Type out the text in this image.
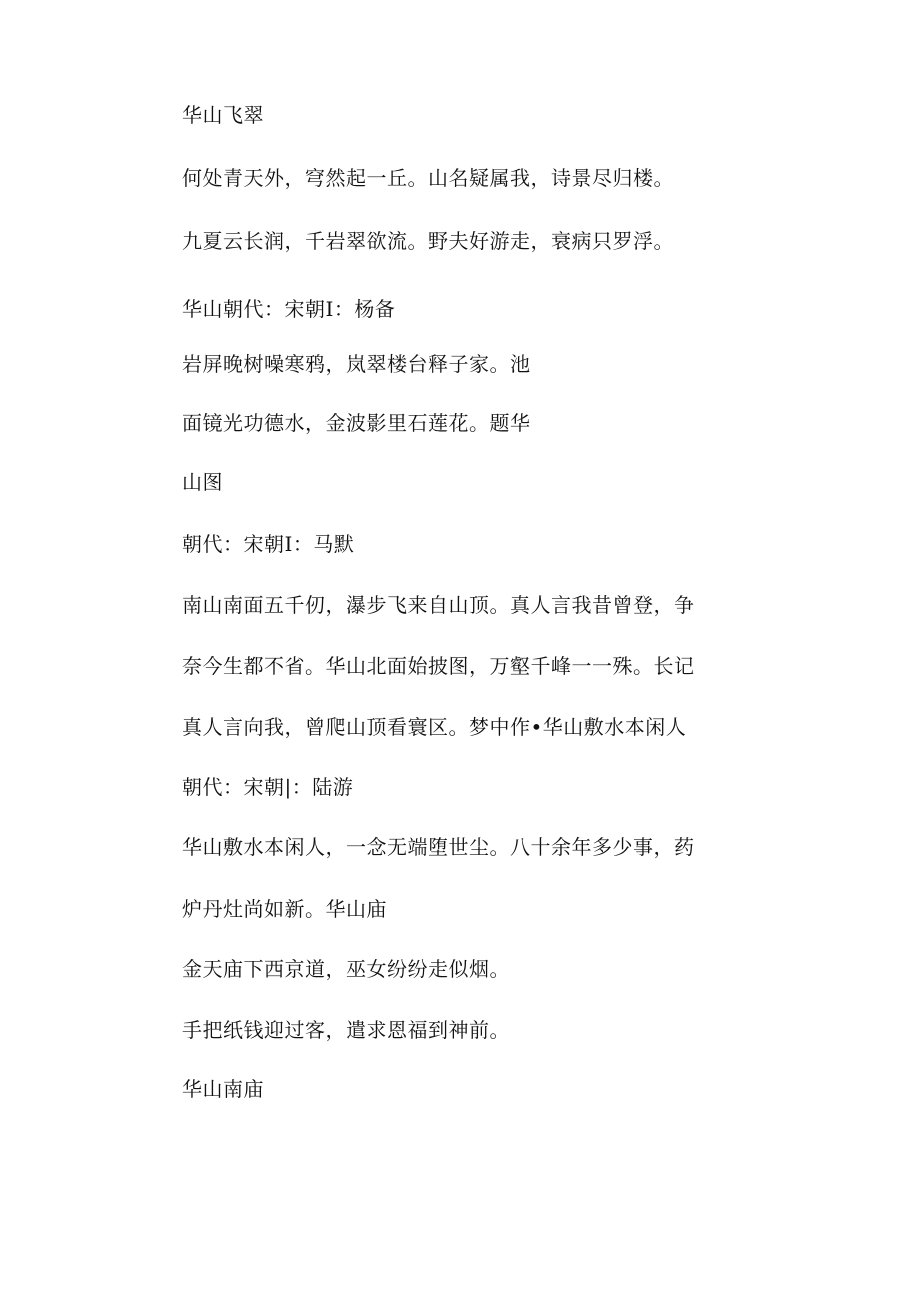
华山飞翠
何处青天外，穹然起一丘。山名疑属我，诗景尽归楼。
九夏云长润，千岩翠欲流。野夫好游走，衰病只罗浮。
华山朝代：宋朝Ⅰ：杨备
岩屏晚树噪寒鸦，岚翠楼台释子家。池
面镜光功德水，金波影里石莲花。题华
山图
朝代：宋朝Ⅰ：马默
南山南面五千仞，瀑步飞来自山顶。真人言我昔曾登，争
奈今生都不省。华山北面始披图，万壑千峰一一殊。长记
真人言向我，曾爬山顶看寰区。梦中作•华山敷水本闲人
朝代：宋朝|：陆游
华山敷水本闲人，一念无端堕世尘。八十余年多少事，药
炉丹灶尚如新。华山庙
金天庙下西京道，巫女纷纷走似烟。
手把纸钱迎过客，遣求恩福到神前。
华山南庙
